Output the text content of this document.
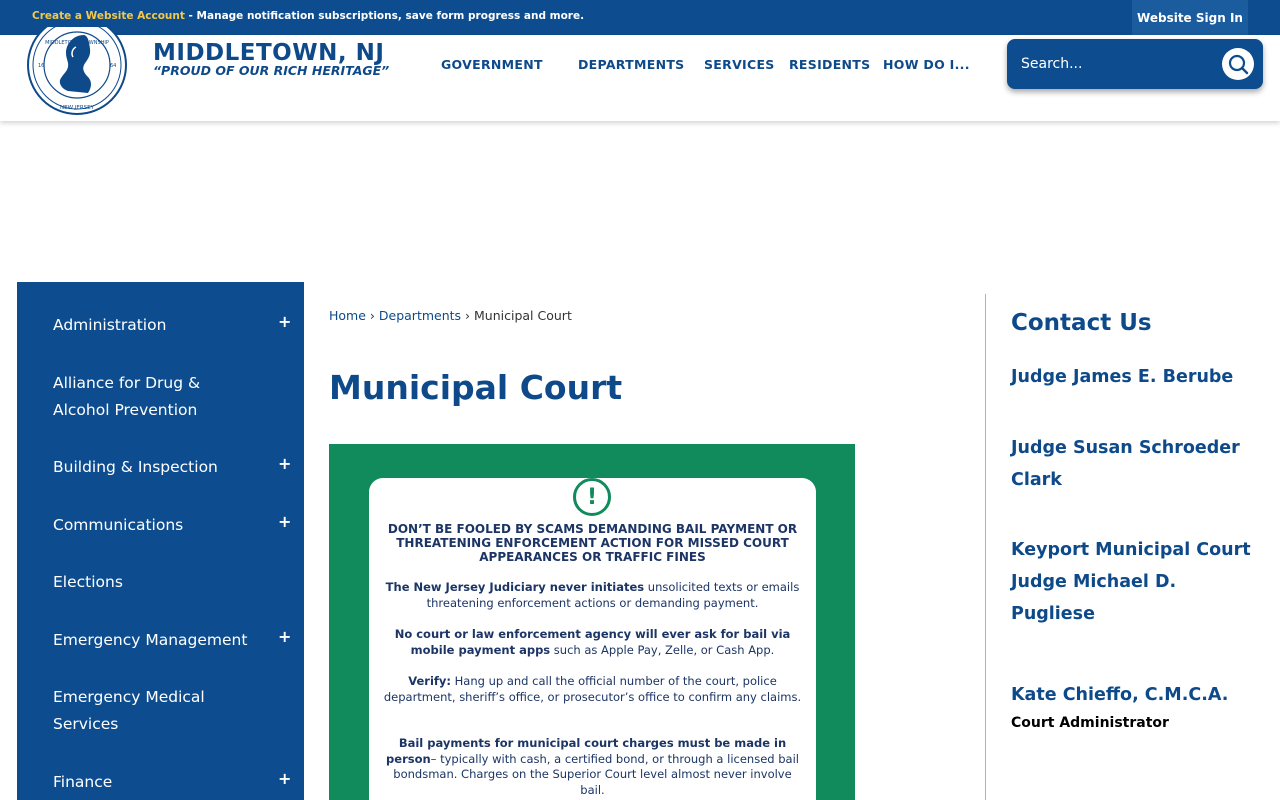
Create a Website Account - Manage notification subscriptions, save form progress and more.	Website Sign In
MIDDLETOWN TOWNSHIP
16	64
NEW JERSEY
MIDDLETOWN, NJ
“PROUD OF OUR RICH HERITAGE”	GOVERNMENT	DEPARTMENTS SERVICES RESIDENTS HOW DO I...
Search...
Administration	+
Alliance for Drug & Alcohol Prevention
Building & Inspection	+
Communications	+
Elections
Emergency Management	+
Emergency Medical Services
Finance	+
Home › Departments › Municipal Court
Municipal Court
!
DON’T BE FOOLED BY SCAMS DEMANDING BAIL PAYMENT OR THREATENING ENFORCEMENT ACTION FOR MISSED COURT APPEARANCES OR TRAFFIC FINES
The New Jersey Judiciary never initiates unsolicited texts or emails threatening enforcement actions or demanding payment.
No court or law enforcement agency will ever ask for bail via mobile payment apps such as Apple Pay, Zelle, or Cash App.
Verify: Hang up and call the official number of the court, police department, sheriff’s office, or prosecutor’s office to confirm any claims.
Bail payments for municipal court charges must be made in person– typically with cash, a certified bond, or through a licensed bail bondsman. Charges on the Superior Court level almost never involve bail.
Contact Us
Judge James E. Berube
Judge Susan Schroeder Clark
Keyport Municipal Court Judge Michael D. Pugliese
Kate Chieffo, C.M.C.A.
Court Administrator
